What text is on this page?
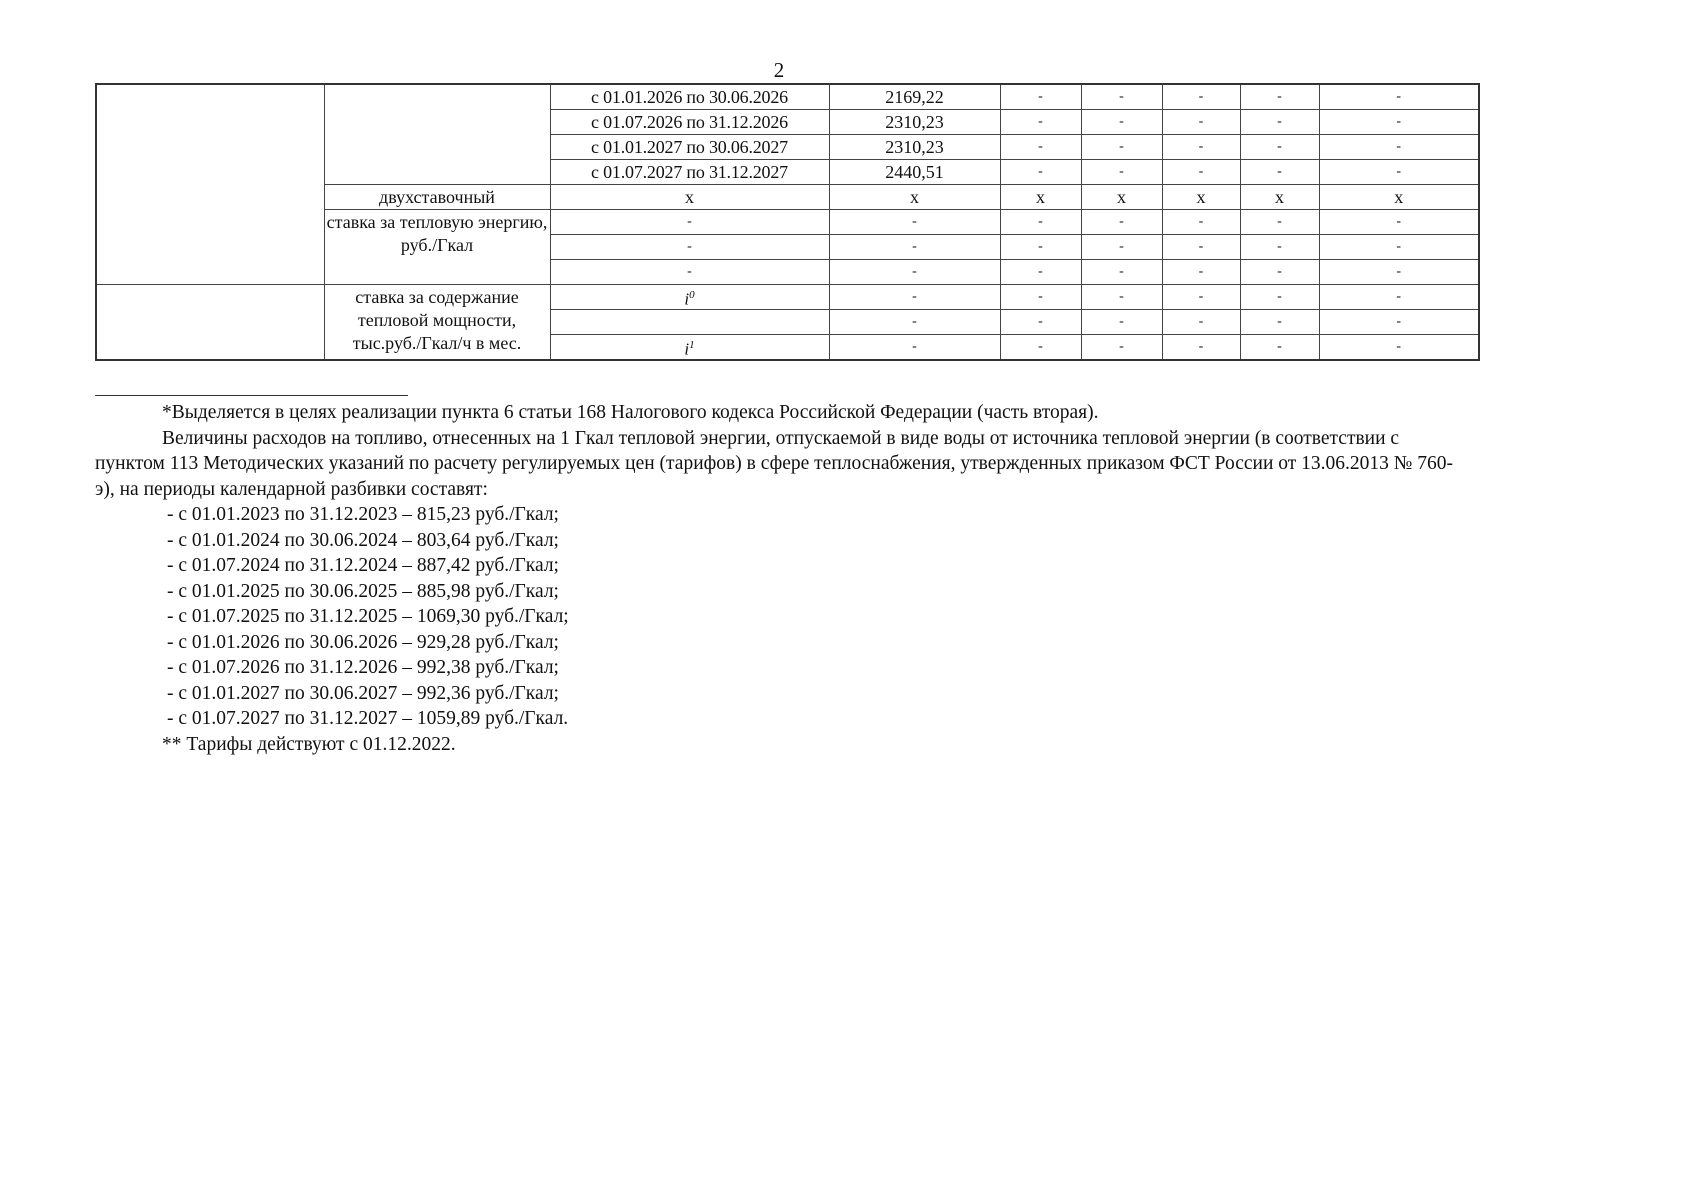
2
		с 01.01.2026 по 30.06.2026	2169,22	-	-	-	-	-
		с 01.07.2026 по 31.12.2026	2310,23	-	-	-	-	-
		с 01.01.2027 по 30.06.2027	2310,23	-	-	-	-	-
		с 01.07.2027 по 31.12.2027	2440,51	-	-	-	-	-
	двухставочный	x	x	x	x	x	x	x
	ставка за тепловую энергию, руб./Гкал	-	-	-	-	-	-	-
		-	-	-	-	-	-	-
		-	-	-	-	-	-	-
	ставка за содержание тепловой мощности, тыс.руб./Гкал/ч в мес.	$i^0$	-	-	-	-	-	-
			-	-	-	-	-	-
		$i^1$	-	-	-	-	-	-

*Выделяется в целях реализации пункта 6 статьи 168 Налогового кодекса Российской Федерации (часть вторая).

Величины расходов на топливо, отнесенных на 1 Гкал тепловой энергии, отпускаемой в виде воды от источника тепловой энергии (в соответствии с пунктом 113 Методических указаний по расчету регулируемых цен (тарифов) в сфере теплоснабжения, утвержденных приказом ФСТ России от 13.06.2013 № 760-э), на периоды календарной разбивки составят:

- с 01.01.2023 по 31.12.2023 – 815,23 руб./Гкал;

- с 01.01.2024 по 30.06.2024 – 803,64 руб./Гкал;

- с 01.07.2024 по 31.12.2024 – 887,42 руб./Гкал;

- с 01.01.2025 по 30.06.2025 – 885,98 руб./Гкал;

- с 01.07.2025 по 31.12.2025 – 1069,30 руб./Гкал;

- с 01.01.2026 по 30.06.2026 – 929,28 руб./Гкал;

- с 01.07.2026 по 31.12.2026 – 992,38 руб./Гкал;

- с 01.01.2027 по 30.06.2027 – 992,36 руб./Гкал;

- с 01.07.2027 по 31.12.2027 – 1059,89 руб./Гкал.

** Тарифы действуют с 01.12.2022.
